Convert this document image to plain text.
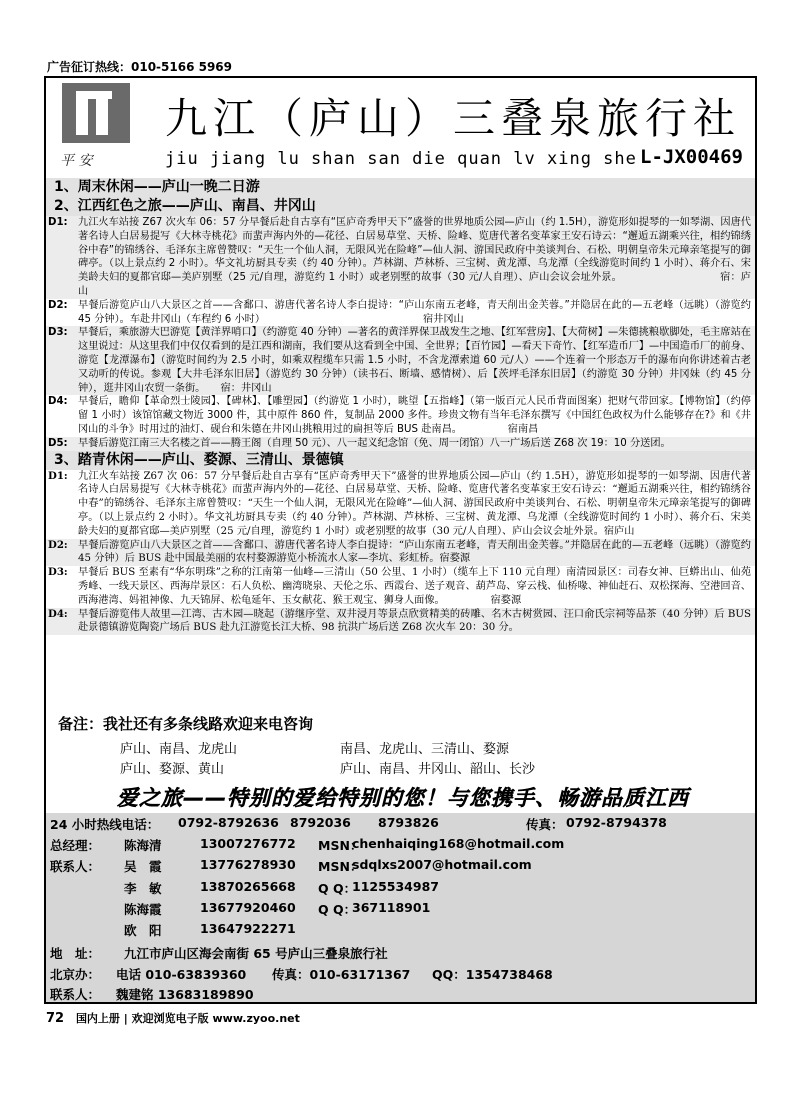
广告征订热线：010-5166 5969
平 安
九江（庐山）三叠泉旅行社
jiu jiang lu shan san die quan lv xing she L-JX00469
1、周末休闲——庐山一晚二日游
2、江西红色之旅——庐山、南昌、井冈山
D1:	九江火车站接 Z67 次火车 06：57 分早餐后赴自古享有“匡庐奇秀甲天下”盛誉的世界地质公园—庐山（约 1.5H），游览形如提琴的一如琴湖、因唐代著名诗人白居易提写《大林寺桃花》而蜚声海内外的—花径、白居易草堂、天桥、险峰、览唐代著名变革家王安石诗云：“邂逅五湖乘兴往，相约锦绣谷中春”的锦绣谷、毛泽东主席曾赞叹：“天生一个仙人洞，无限风光在险峰”—仙人洞、游国民政府中美谈判台、石松、明朝皇帝朱元璋亲笔提写的御碑亭。（以上景点约 2 小时）。华文礼坊厨具专卖（约 40 分钟）。芦林湖、芦林桥、三宝树、黄龙潭、乌龙潭（全线游览时间约 1 小时）、蒋介石、宋美龄夫妇的夏都官邸—美庐别墅（25 元/自理，游览约 1 小时）或老别墅的故事（30 元/人自理）、庐山会议会址外景。　　　　　　　　　　宿：庐山
D2:	早餐后游览庐山八大景区之首——含鄱口、游唐代著名诗人李白提诗：“庐山东南五老峰，青天削出金芙蓉。”并隐居在此的—五老峰（远眺）（游览约 45 分钟）。车赴井冈山（车程约 6 小时）　　　　　　　　　　　　　　　　宿井冈山
D3:	早餐后，乘旅游大巴游览【黄洋界哨口】（约游览 40 分钟）—著名的黄洋界保卫战发生之地、【红军营房】、【大荷树】—朱德挑粮歇脚处，毛主席站在这里说过：从这里我们中仅仅看到的是江西和湖南，我们要从这看到全中国、全世界；【百竹园】—看天下奇竹、【红军造币厂】—中国造币厂的前身、游览【龙潭瀑布】（游览时间约为 2.5 小时，如乘双程缆车只需 1.5 小时，不含龙潭索道 60 元/人）——个连着一个形态万千的瀑布向你讲述着古老又动听的传说。参观【大井毛泽东旧居】（游览约 30 分钟）（读书石、断墙、感情树）、后【茨坪毛泽东旧居】（约游览 30 分钟）井冈妹（约 45 分钟），逛井冈山农贸一条街。　　宿：井冈山
D4:	早餐后，瞻仰【革命烈士陵园】、【碑林】、【雕塑园】（约游览 1 小时），眺望【五指峰】（第一版百元人民币背面图案）把财气带回家。【博物馆】（约停留 1 小时）该馆馆藏文物近 3000 件，其中原件 860 件，复制品 2000 多件。珍贵文物有当年毛泽东撰写《中国红色政权为什么能够存在?》和《井冈山的斗争》时用过的油灯、砚台和朱德在井冈山挑粮用过的扁担等后 BUS 赴南昌。　　　　　宿南昌
D5:	早餐后游览江南三大名楼之首——腾王阁（自理 50 元）、八一起义纪念馆（免、周一闭馆）八一广场后送 Z68 次 19：10 分送团。
3、踏青休闲——庐山、婺源、三清山、景德镇
D1:	九江火车站接 Z67 次 06：57 分早餐后赴自古享有“匡庐奇秀甲天下”盛誉的世界地质公园—庐山（约 1.5H），游览形如提琴的一如琴湖、因唐代著名诗人白居易提写《大林寺桃花》而蜚声海内外的—花径、白居易草堂、天桥、险峰、览唐代著名变革家王安石诗云：“邂逅五湖乘兴往，相约锦绣谷中春”的锦绣谷、毛泽东主席曾赞叹：“天生一个仙人洞，无限风光在险峰”—仙人洞、游国民政府中美谈判台、石松、明朝皇帝朱元璋亲笔提写的御碑亭。（以上景点约 2 小时）。华文礼坊厨具专卖（约 40 分钟）。芦林湖、芦林桥、三宝树、黄龙潭、乌龙潭（全线游览时间约 1 小时）、蒋介石、宋美龄夫妇的夏都官邸—美庐别墅（25 元/自理，游览约 1 小时）或老别墅的故事（30 元/人自理）、庐山会议会址外景。宿庐山
D2:	早餐后游览庐山八大景区之首——含鄱口、游唐代著名诗人李白提诗：“庐山东南五老峰，青天削出金芙蓉。”并隐居在此的—五老峰（远眺）（游览约 45 分钟）后 BUS 赴中国最美丽的农村婺源游览小桥流水人家—李坑、彩虹桥。宿婺源
D3:	早餐后 BUS 至素有“华东明珠”之称的江南第一仙峰—三清山（50 公里、1 小时）（缆车上下 110 元自理）南清园景区：司春女神、巨蟒出山、仙苑秀峰、一线天景区、西海岸景区：石人负松、幽湾晓泉、天伦之乐、西霞台、送子观音、葫芦岛、穿云栈、仙桥喙、神仙赶石、双松探海、空港回音、西海港湾、妈祖神像、九天锦屏、松龟延年、玉女献花、猴王观宝、狮身人面像。　　　　　宿婺源
D4:	早餐后游览伟人故里—江湾、古木园—晓起（游继序堂、双井浸月等景点欣赏精美的砖雕、名木古树赏园、汪口俞氏宗祠等品茶（40 分钟）后 BUS 赴景德镇游览陶瓷广场后 BUS 赴九江游览长江大桥、98 抗洪广场后送 Z68 次火车 20：30 分。
备注：我社还有多条线路欢迎来电咨询
庐山、南昌、龙虎山	南昌、龙虎山、三清山、婺源
庐山、婺源、黄山	庐山、南昌、井冈山、韶山、长沙
爱之旅——特别的爱给特别的您！与您携手、畅游品质江西
24 小时热线电话： 0792-8792636 8792036 8793826	传真： 0792-8794378
总经理： 陈海清	13007276772 MSN：
chenhaiqing168@hotmail.com
联系人： 吴　霞	13776278930 MSN：
sdqlxs2007@hotmail.com
李　敏	13870265668 Q Q：
1125534987
陈海霞	13677920460 Q Q：
367118901
欧　阳	13647922271
地　址： 九江市庐山区海会南街 65 号庐山三叠泉旅行社
北京办： 电话 010-63839360 传真：010-63171367 QQ：1354738468
联系人： 魏建铭 13683189890
72 国内上册 | 欢迎浏览电子版 www.zyoo.net
